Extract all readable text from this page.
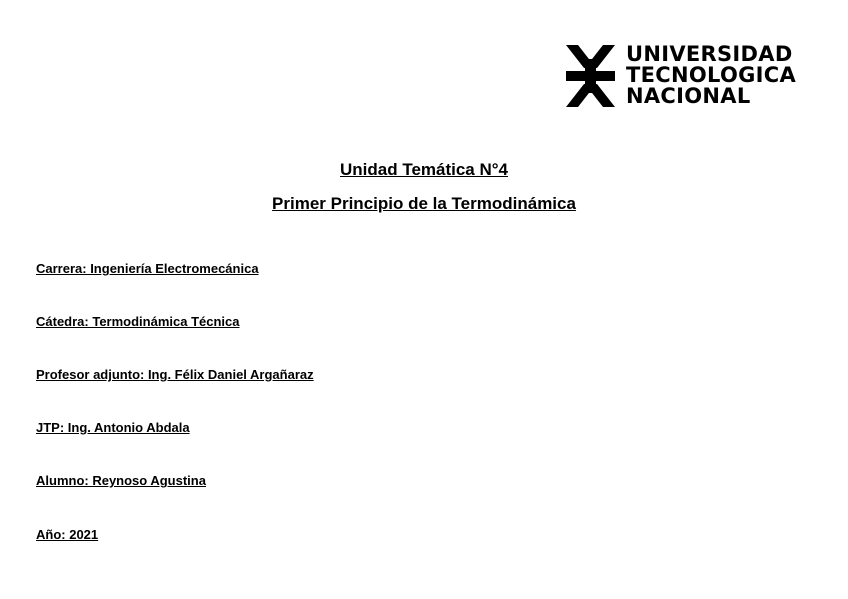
UNIVERSIDAD
TECNOLOGICA
NACIONAL
Unidad Temática N°4
Primer Principio de la Termodinámica
Carrera: Ingeniería Electromecánica
Cátedra: Termodinámica Técnica
Profesor adjunto: Ing. Félix Daniel Argañaraz
JTP: Ing. Antonio Abdala
Alumno: Reynoso Agustina
Año: 2021
